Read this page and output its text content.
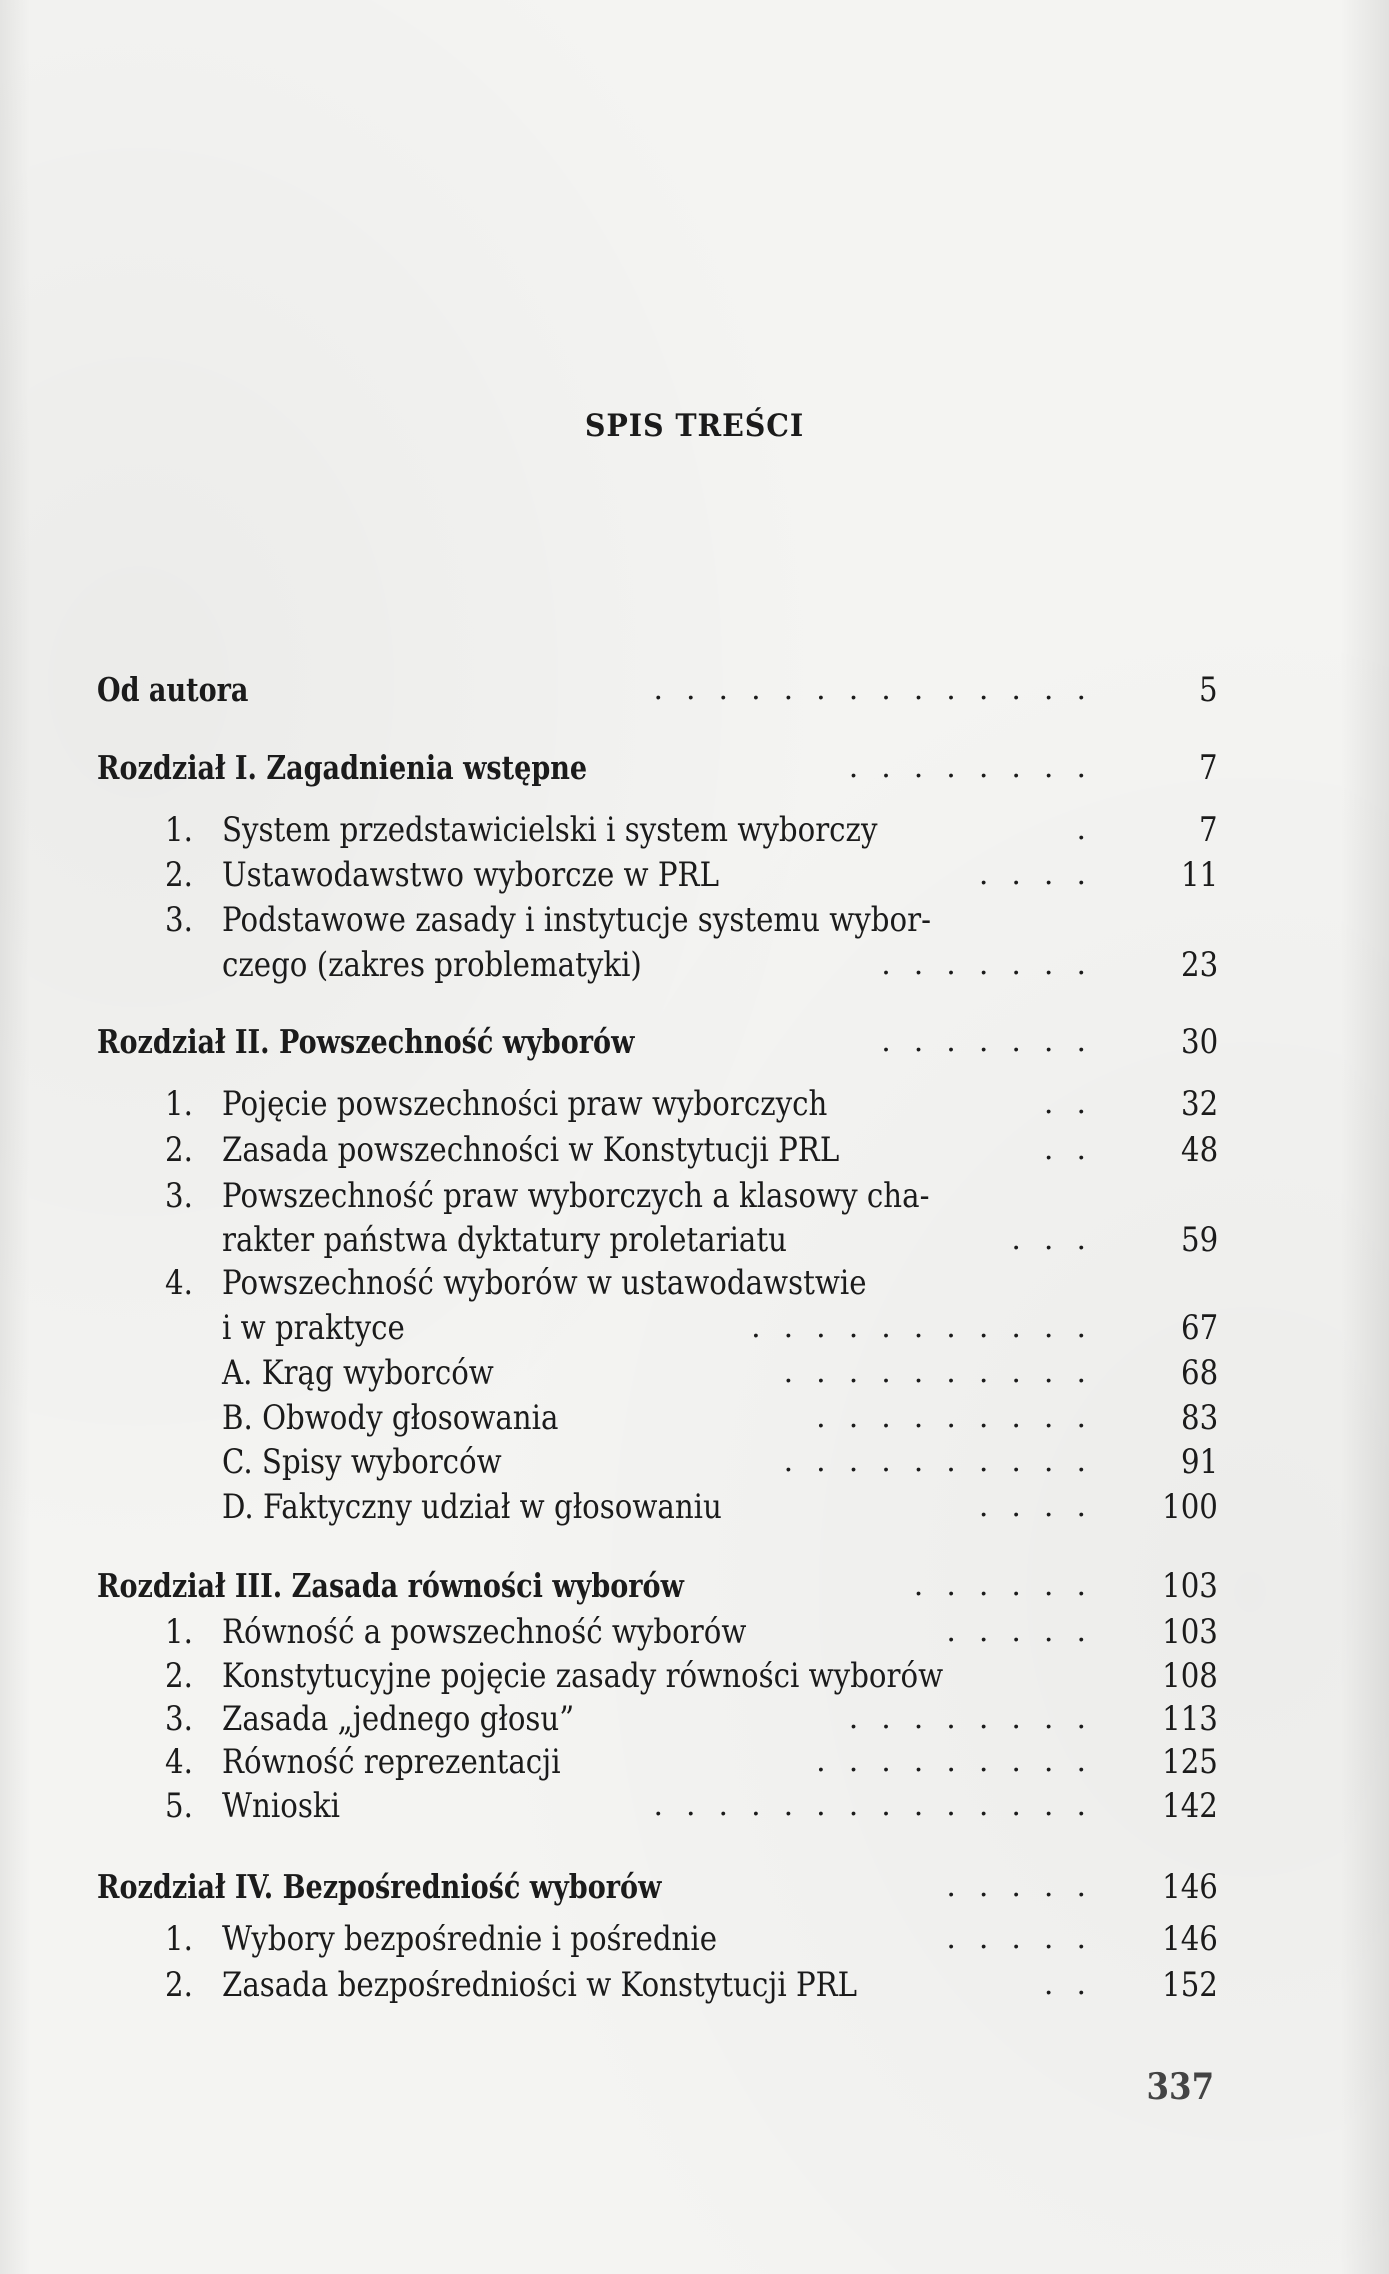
SPIS TREŚCI
Od autora	..............	5
Rozdział I. Zagadnienia wstępne	........	7
1. System przedstawicielski i system wyborczy	.	7
2. Ustawodawstwo wyborcze w PRL	.... 11
3. Podstawowe zasady i instytucje systemu wybor-
czego (zakres problematyki)	....... 23
Rozdział II. Powszechność wyborów	....... 30
1. Pojęcie powszechności praw wyborczych	.. 32
2. Zasada powszechności w Konstytucji PRL	.. 48
3. Powszechność praw wyborczych a klasowy cha-
rakter państwa dyktatury proletariatu	... 59
4. Powszechność wyborów w ustawodawstwie
i w praktyce	........... 67
A. Krąg wyborców	.......... 68
B. Obwody głosowania	......... 83
C. Spisy wyborców	.......... 91
D. Faktyczny udział w głosowaniu	.... 100
Rozdział III. Zasada równości wyborów	...... 103
1. Równość a powszechność wyborów	..... 103
2. Konstytucyjne pojęcie zasady równości wyborów	108
3. Zasada „jednego głosu”	........ 113
4. Równość reprezentacji	......... 125
5. Wnioski	.............. 142
Rozdział IV. Bezpośredniość wyborów	..... 146
1. Wybory bezpośrednie i pośrednie	..... 146
2. Zasada bezpośredniości w Konstytucji PRL	.. 152
337
